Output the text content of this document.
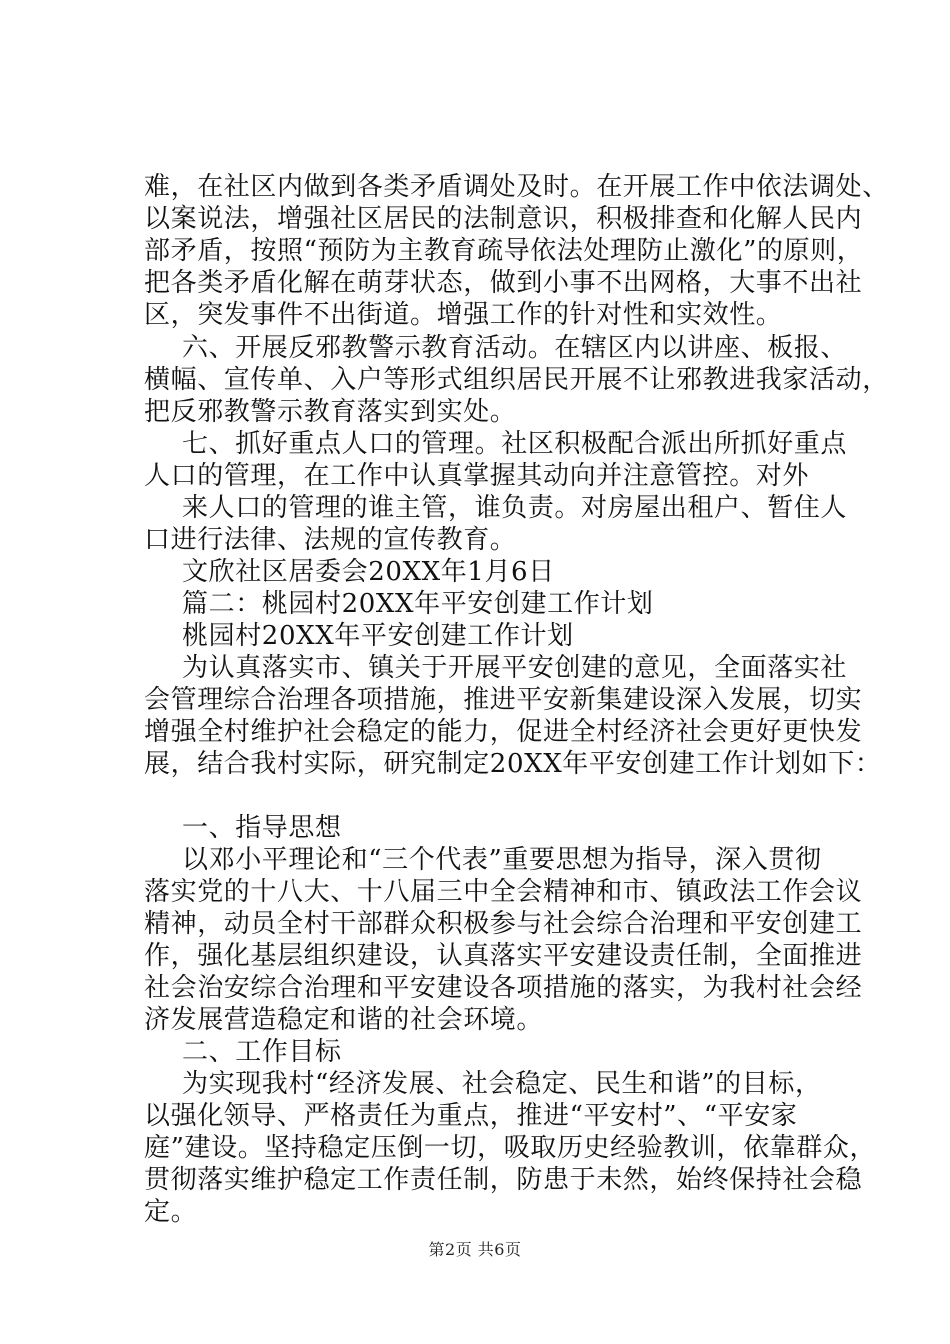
难，在社区内做到各类矛盾调处及时。在开展工作中依法调处、
以案说法，增强社区居民的法制意识，积极排查和化解人民内
部矛盾，按照“预防为主教育疏导依法处理防止激化”的原则，
把各类矛盾化解在萌芽状态，做到小事不出网格，大事不出社
区，突发事件不出街道。增强工作的针对性和实效性。
六、开展反邪教警示教育活动。在辖区内以讲座、板报、
横幅、宣传单、入户等形式组织居民开展不让邪教进我家活动，
把反邪教警示教育落实到实处。
七、抓好重点人口的管理。社区积极配合派出所抓好重点
人口的管理，在工作中认真掌握其动向并注意管控。对外
来人口的管理的谁主管，谁负责。对房屋出租户、暂住人
口进行法律、法规的宣传教育。
文欣社区居委会20XX年1月6日
篇二：桃园村20XX年平安创建工作计划
桃园村20XX年平安创建工作计划
为认真落实市、镇关于开展平安创建的意见，全面落实社
会管理综合治理各项措施，推进平安新集建设深入发展，切实
增强全村维护社会稳定的能力，促进全村经济社会更好更快发
展，结合我村实际，研究制定20XX年平安创建工作计划如下：
一、指导思想
以邓小平理论和“三个代表”重要思想为指导，深入贯彻
落实党的十八大、十八届三中全会精神和市、镇政法工作会议
精神，动员全村干部群众积极参与社会综合治理和平安创建工
作，强化基层组织建设，认真落实平安建设责任制，全面推进
社会治安综合治理和平安建设各项措施的落实，为我村社会经
济发展营造稳定和谐的社会环境。
二、工作目标
为实现我村“经济发展、社会稳定、民生和谐”的目标，
以强化领导、严格责任为重点，推进“平安村”、“平安家
庭”建设。坚持稳定压倒一切，吸取历史经验教训，依靠群众，
贯彻落实维护稳定工作责任制，防患于未然，始终保持社会稳
定。
第2页 共6页
